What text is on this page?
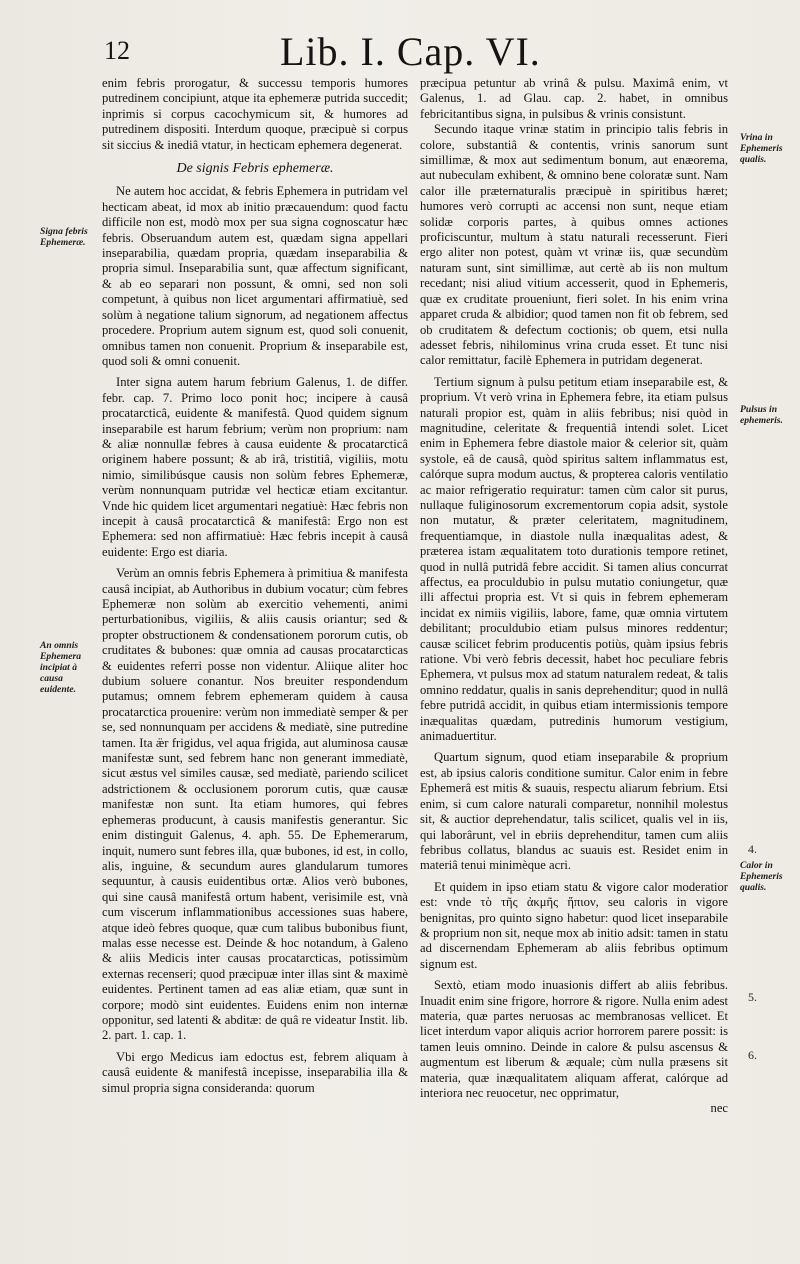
12	Lib. I. Cap. VI.

enim febris prorogatur, & successu temporis humores putredinem concipiunt, atque ita ephemeræ putrida succedit; inprimis si corpus cacochymicum sit, & humores ad putredinem dispositi. Interdum quoque, præcipuè si corpus sit siccius & inediâ vtatur, in hecticam ephemera degenerat.

De signis Febris ephemeræ.

Ne autem hoc accidat, & febris Ephemera in putridam vel hecticam abeat, id mox ab initio præcauendum: quod factu difficile non est, modò mox per sua signa cognoscatur hæc febris. Obseruandum autem est, quædam signa appellari inseparabilia, quædam propria, quædam inseparabilia & propria simul. Inseparabilia sunt, quæ affectum significant, & ab eo separari non possunt, & omni, sed non soli competunt, à quibus non licet argumentari affirmatiuè, sed solùm à negatione talium signorum, ad negationem affectus procedere. Proprium autem signum est, quod soli conuenit, omnibus tamen non conuenit. Proprium & inseparabile est, quod soli & omni conuenit.

Inter signa autem harum febrium Galenus, 1. de differ. febr. cap. 7. Primo loco ponit hoc; incipere à causâ procatarcticâ, euidente & manifestâ. Quod quidem signum inseparabile est harum febrium; verùm non proprium: nam & aliæ nonnullæ febres à causa euidente & procatarcticâ originem habere possunt; & ab irâ, tristitiâ, vigiliis, motu nimio, similibúsque causis non solùm febres Ephemeræ, verùm nonnunquam putridæ vel hecticæ etiam excitantur. Vnde hic quidem licet argumentari negatiuè: Hæc febris non incepit à causâ procatarcticâ & manifestâ: Ergo non est Ephemera: sed non affirmatiuè: Hæc febris incepit à causâ euidente: Ergo est diaria.

Verùm an omnis febris Ephemera à primitiua & manifesta causâ incipiat, ab Authoribus in dubium vocatur; cùm febres Ephemeræ non solùm ab exercitio vehementi, animi perturbationibus, vigiliis, & aliis causis oriantur; sed & propter obstructionem & condensationem pororum cutis, ob cruditates & bubones: quæ omnia ad causas procatarcticas & euidentes referri posse non videntur. Aliique aliter hoc dubium soluere conantur. Nos breuiter respondendum putamus; omnem febrem ephemeram quidem à causa procatarctica prouenire: verùm non immediatè semper & per se, sed nonnunquam per accidens & mediatè, sine putredine tamen. Ita æ̈r frigidus, vel aqua frigida, aut aluminosa causæ manifestæ sunt, sed febrem hanc non generant immediatè, sicut æstus vel similes causæ, sed mediatè, pariendo scilicet adstrictionem & occlusionem pororum cutis, quæ causæ manifestæ non sunt. Ita etiam humores, qui febres ephemeras producunt, à causis manifestis generantur. Sic enim distinguit Galenus, 4. aph. 55. De Ephemerarum, inquit, numero sunt febres illa, quæ bubones, id est, in collo, alis, inguine, & secundum aures glandularum tumores sequuntur, à causis euidentibus ortæ. Alios verò bubones, qui sine causâ manifestâ ortum habent, verisimile est, vnà cum viscerum inflammationibus accessiones suas habere, atque ideò febres quoque, quæ cum talibus bubonibus fiunt, malas esse necesse est. Deinde & hoc notandum, à Galeno & aliis Medicis inter causas procatarcticas, potissimùm externas recenseri; quod præcipuæ inter illas sint & maximè euidentes. Pertinent tamen ad eas aliæ etiam, quæ sunt in corpore; modò sint euidentes. Euidens enim non internæ opponitur, sed latenti & abditæ: de quâ re videatur Instit. lib. 2. part. 1. cap. 1.

Vbi ergo Medicus iam edoctus est, febrem aliquam à causâ euidente & manifestâ incepisse, inseparabilia illa & simul propria signa consideranda: quorum

præcipua petuntur ab vrinâ & pulsu. Maximâ enim, vt Galenus, 1. ad Glau. cap. 2. habet, in omnibus febricitantibus signa, in pulsibus & vrinis consistunt.

Secundo itaque vrinæ statim in principio talis febris in colore, substantiâ & contentis, vrinis sanorum sunt simillimæ, & mox aut sedimentum bonum, aut enæorema, aut nubeculam exhibent, & omnino bene coloratæ sunt. Nam calor ille præternaturalis præcipuè in spiritibus hæret; humores verò corrupti ac accensi non sunt, neque etiam solidæ corporis partes, à quibus omnes actiones proficiscuntur, multum à statu naturali recesserunt. Fieri ergo aliter non potest, quàm vt vrinæ iis, quæ secundùm naturam sunt, sint simillimæ, aut certè ab iis non multum recedant; nisi aliud vitium accesserit, quod in Ephemeris, quæ ex cruditate proueniunt, fieri solet. In his enim vrina apparet cruda & albidior; quod tamen non fit ob febrem, sed ob cruditatem & defectum coctionis; ob quem, etsi nulla adesset febris, nihilominus vrina cruda esset. Et tunc nisi calor remittatur, facilè Ephemera in putridam degenerat.

Tertium signum à pulsu petitum etiam inseparabile est, & proprium. Vt verò vrina in Ephemera febre, ita etiam pulsus naturali propior est, quàm in aliis febribus; nisi quòd in magnitudine, celeritate & frequentiâ intendi solet. Licet enim in Ephemera febre diastole maior & celerior sit, quàm systole, eâ de causâ, quòd spiritus saltem inflammatus est, calórque supra modum auctus, & propterea caloris ventilatio ac maior refrigeratio requiratur: tamen cùm calor sit purus, nullaque fuliginosorum excrementorum copia adsit, systole non mutatur, & præter celeritatem, magnitudinem, frequentiamque, in diastole nulla inæqualitas adest, & præterea istam æqualitatem toto durationis tempore retinet, quod in nullâ putridâ febre accidit. Si tamen alius concurrat affectus, ea proculdubio in pulsu mutatio coniungetur, quæ illi affectui propria est. Vt si quis in febrem ephemeram incidat ex nimiis vigiliis, labore, fame, quæ omnia virtutem debilitant; proculdubio etiam pulsus minores reddentur; causæ scilicet febrim producentis potiùs, quàm ipsius febris ratione. Vbi verò febris decessit, habet hoc peculiare febris Ephemera, vt pulsus mox ad statum naturalem redeat, & talis omnino reddatur, qualis in sanis deprehenditur; quod in nullâ febre putridâ accidit, in quibus etiam intermissionis tempore inæqualitas quædam, putredinis humorum vestigium, animaduertitur.

Quartum signum, quod etiam inseparabile & proprium est, ab ipsius caloris conditione sumitur. Calor enim in febre Ephemerâ est mitis & suauis, respectu aliarum febrium. Etsi enim, si cum calore naturali comparetur, nonnihil molestus sit, & auctior deprehendatur, talis scilicet, qualis vel in iis, qui laborârunt, vel in ebriis deprehenditur, tamen cum aliis febribus collatus, blandus ac suauis est. Residet enim in materiâ tenui minimèque acri.

Et quidem in ipso etiam statu & vigore calor moderatior est: vnde τὸ τῆς ἀκμῆς ἥπιον, seu caloris in vigore benignitas, pro quinto signo habetur: quod licet inseparabile & proprium non sit, neque mox ab initio adsit: tamen in statu ad discernendam Ephemeram ab aliis febribus optimum signum est.

Sextò, etiam modo inuasionis differt ab aliis febribus. Inuadit enim sine frigore, horrore & rigore. Nulla enim adest materia, quæ partes neruosas ac membranosas vellicet. Et licet interdum vapor aliquis acrior horrorem parere possit: is tamen leuis omnino. Deinde in calore & pulsu ascensus & augmentum est liberum & æquale; cùm nulla præsens sit materia, quæ inæqualitatem aliquam afferat, calórque ad interiora nec reuocetur, nec opprimatur,

nec

Signa febris Ephemeræ.
An omnis Ephemera incipiat à causa euidente.
Vrina in Ephemeris qualis.
Pulsus in ephemeris.
4.
Calor in Ephemeris qualis.
5.
6.
